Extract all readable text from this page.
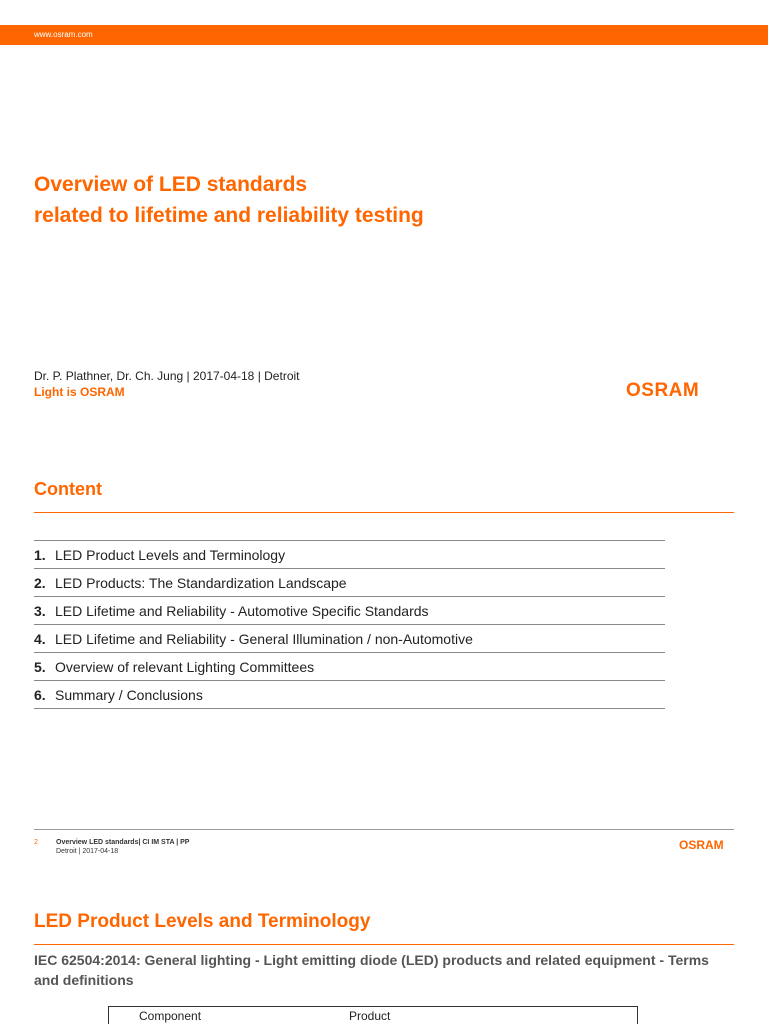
www.osram.com
Overview of LED standards
related to lifetime and reliability testing
Dr. P. Plathner, Dr. Ch. Jung | 2017-04-18 | Detroit
Light is OSRAM	OSRAM
Content
1. LED Product Levels and Terminology
2. LED Products: The Standardization Landscape
3. LED Lifetime and Reliability - Automotive Specific Standards
4. LED Lifetime and Reliability - General Illumination / non-Automotive
5. Overview of relevant Lighting Committees
6. Summary / Conclusions
2	Overview LED standards| CI IM STA | PP
Detroit | 2017-04-18	OSRAM
LED Product Levels and Terminology
IEC 62504:2014: General lighting - Light emitting diode (LED) products and related equipment - Terms and definitions
Component	Product
